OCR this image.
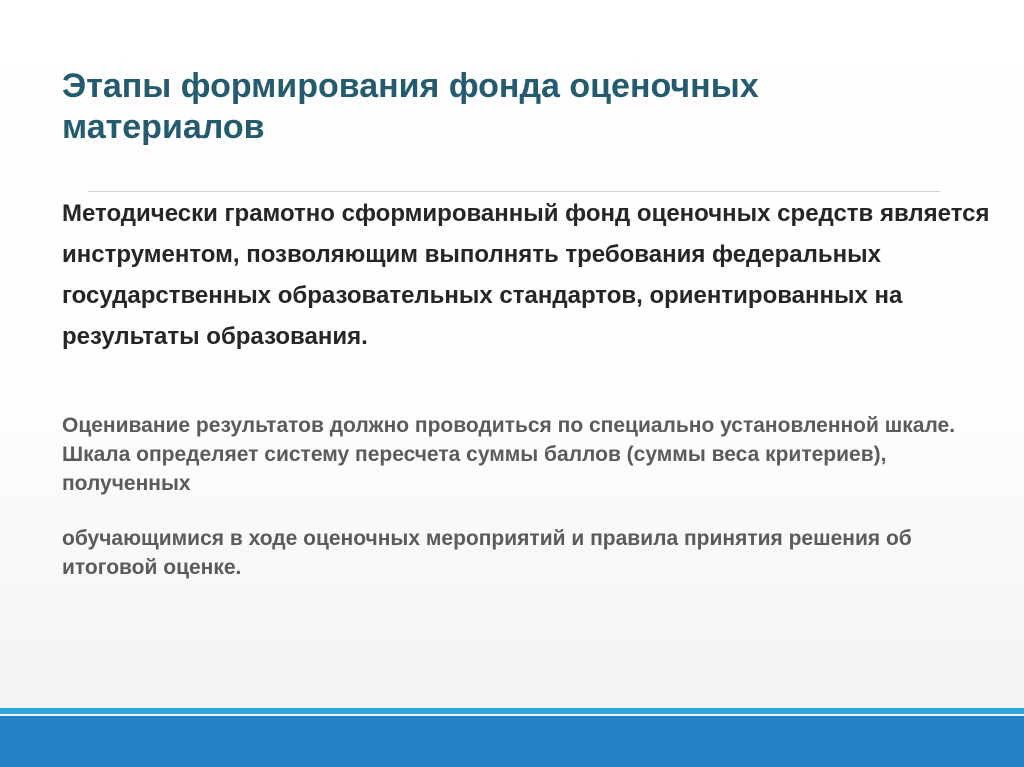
Этапы формирования фонда оценочных материалов

Методически грамотно сформированный фонд оценочных средств является инструментом, позволяющим выполнять требования федеральных государственных образовательных стандартов, ориентированных на результаты образования.

Оценивание результатов должно проводиться по специально установленной шкале. Шкала определяет систему пересчета суммы баллов (суммы веса критериев), полученных

обучающимися в ходе оценочных мероприятий и правила принятия решения об итоговой оценке.
